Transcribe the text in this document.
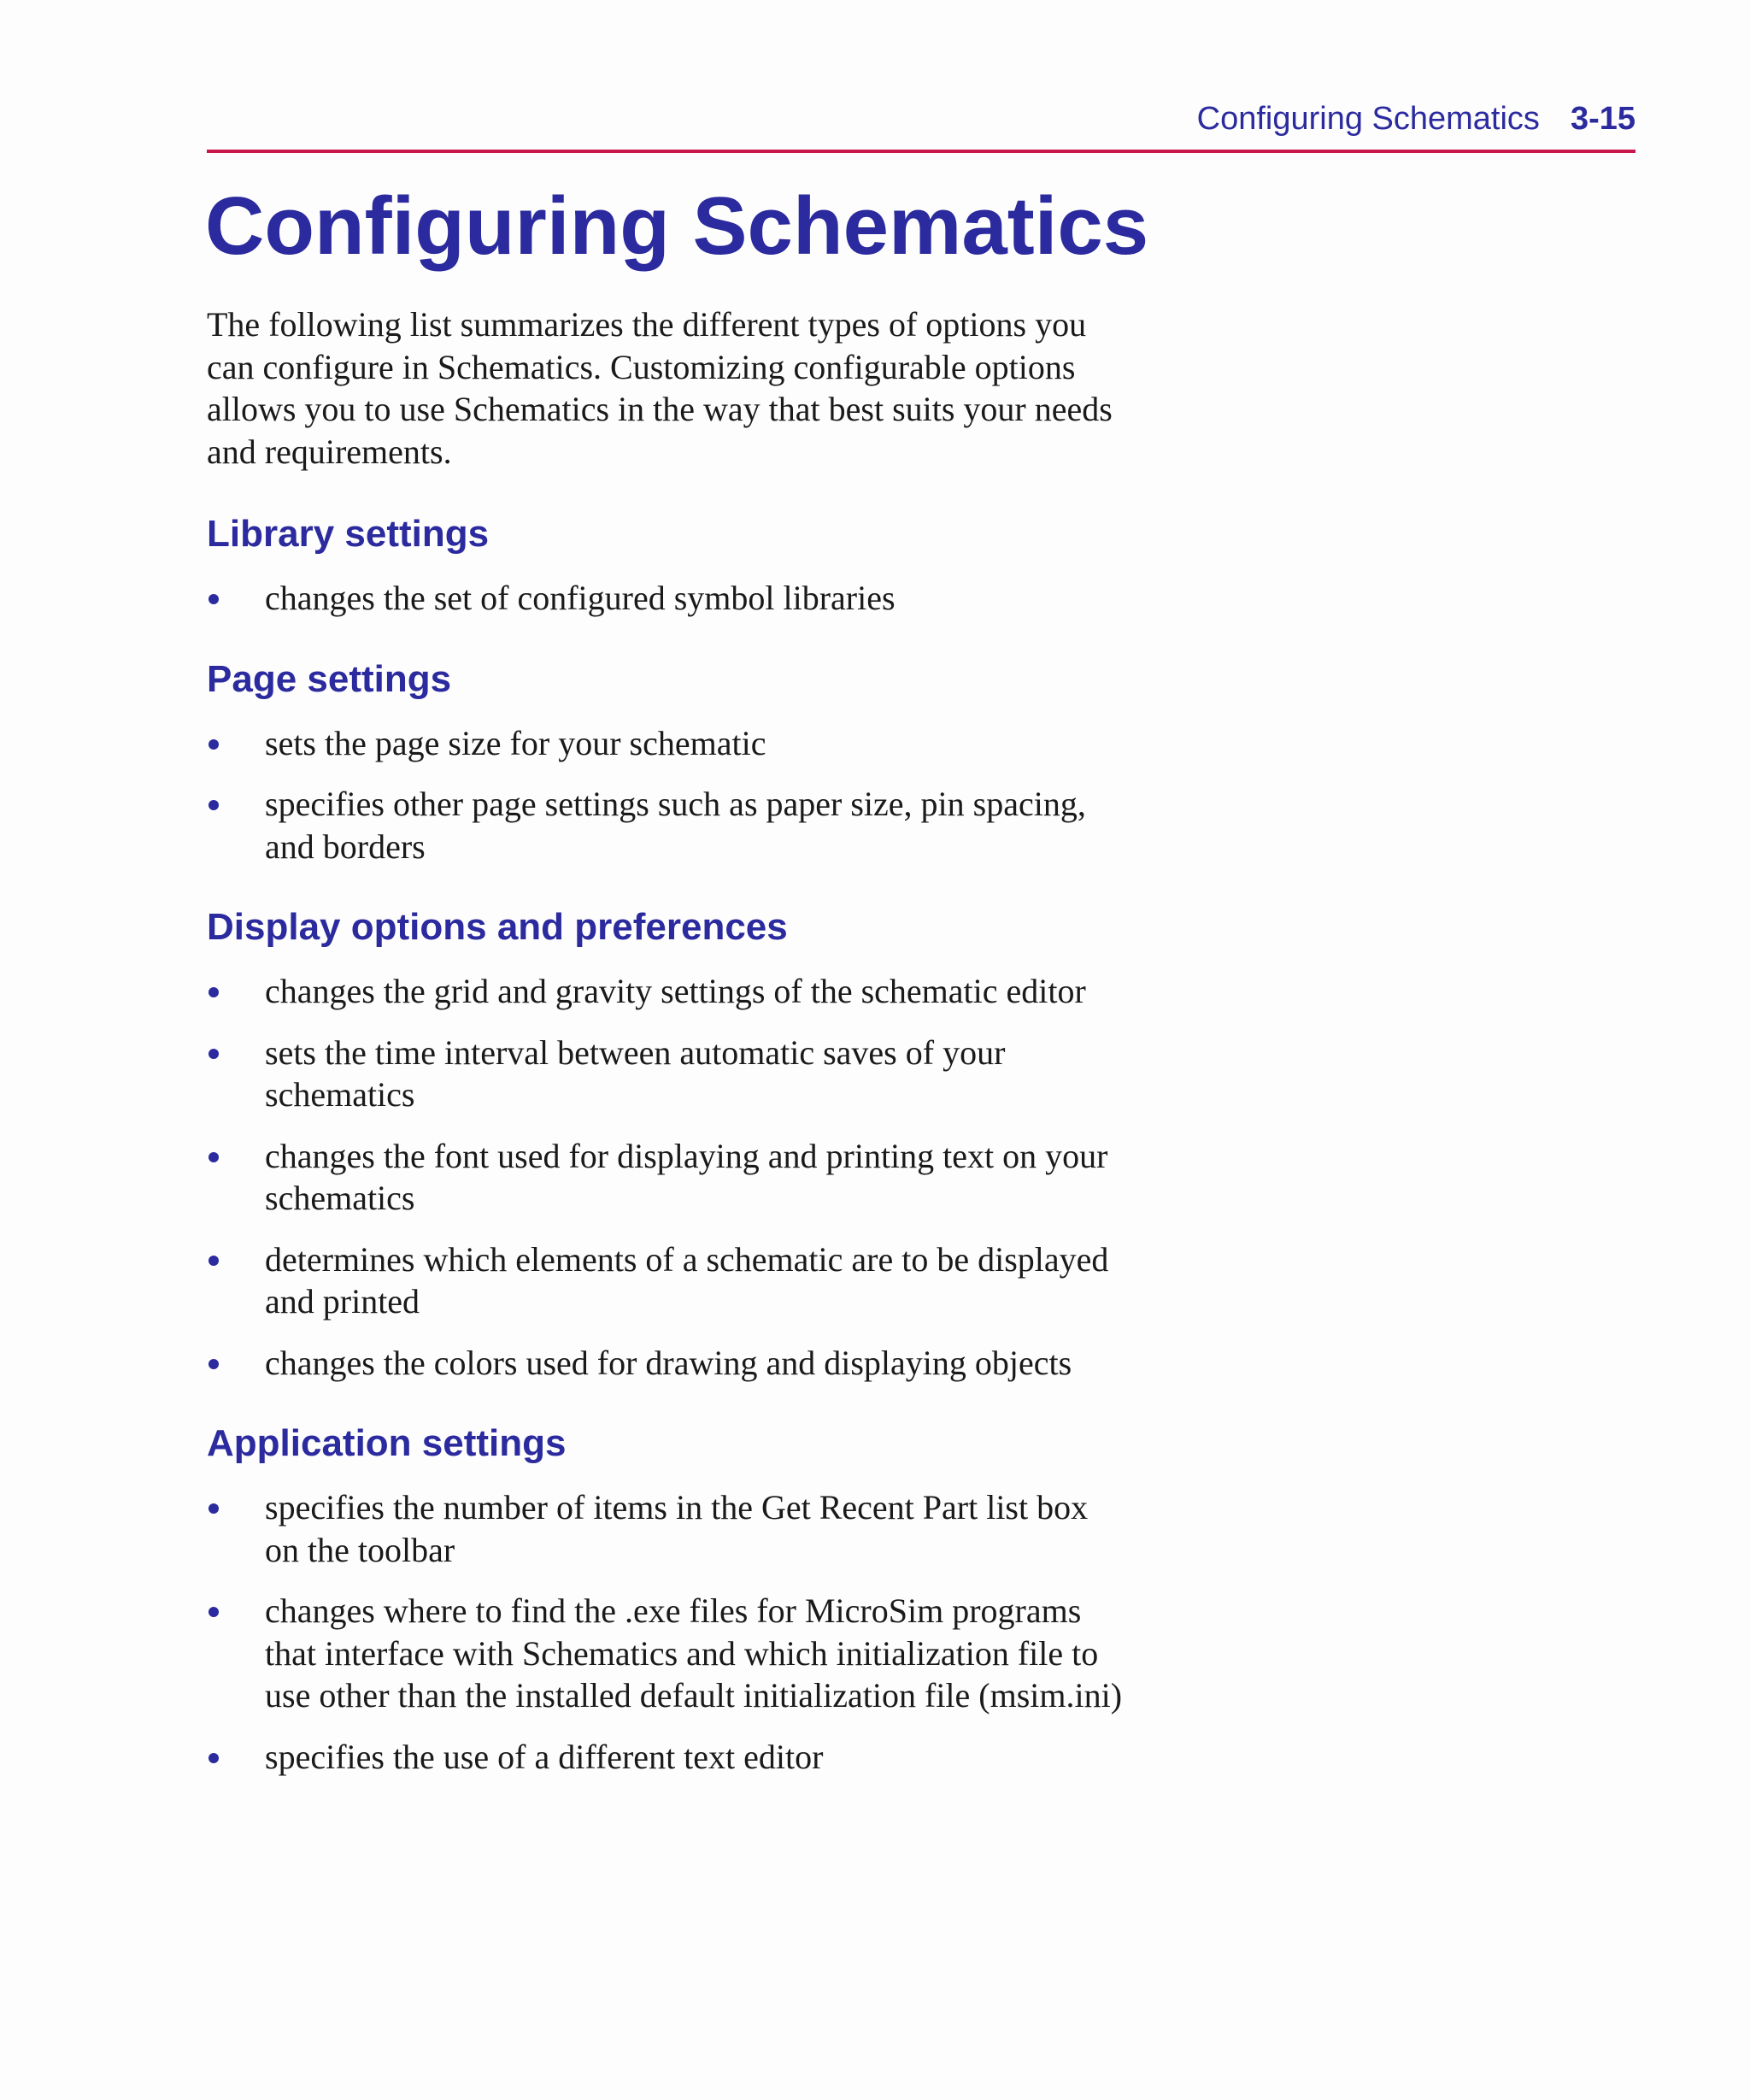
Configuring Schematics 3-15
Configuring Schematics

The following list summarizes the different types of options you can configure in Schematics. Customizing configurable options allows you to use Schematics in the way that best suits your needs and requirements.

Library settings
changes the set of configured symbol libraries
Page settings
sets the page size for your schematic
specifies other page settings such as paper size, pin spacing, and borders
Display options and preferences
changes the grid and gravity settings of the schematic editor
sets the time interval between automatic saves of your schematics
changes the font used for displaying and printing text on your schematics
determines which elements of a schematic are to be displayed and printed
changes the colors used for drawing and displaying objects
Application settings
specifies the number of items in the Get Recent Part list box on the toolbar
changes where to find the .exe files for MicroSim programs that interface with Schematics and which initialization file to use other than the installed default initialization file (msim.ini)
specifies the use of a different text editor
